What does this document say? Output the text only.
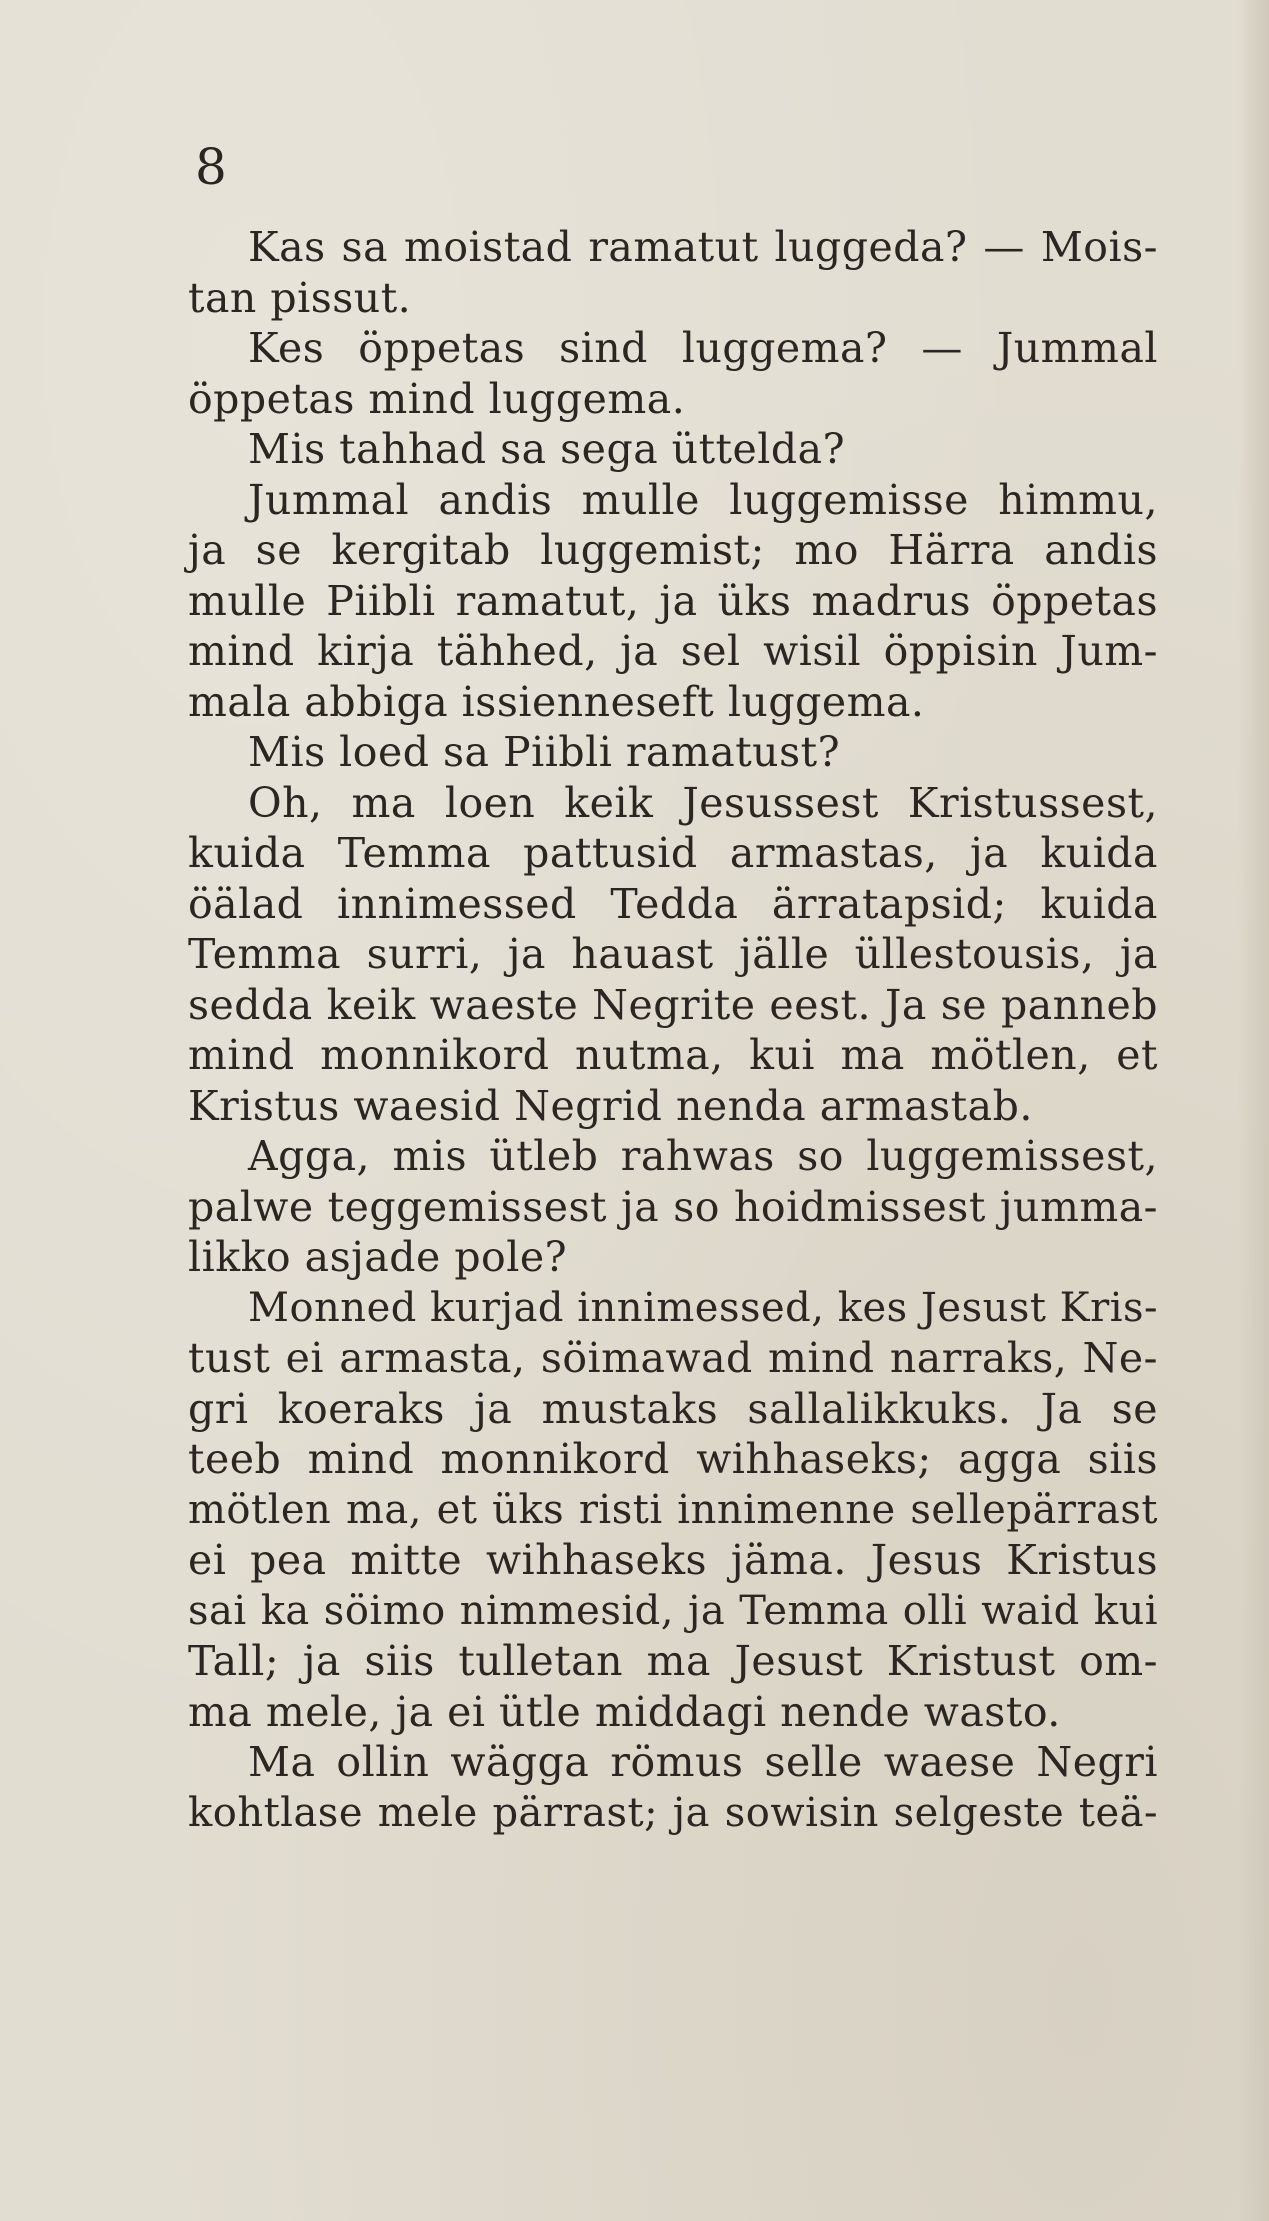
8
Kas sa moistad ramatut luggeda? — Mois-
tan pissut.
Kes öppetas sind luggema? — Jummal
öppetas mind luggema.
Mis tahhad sa sega ütteldа?
Jummal andis mulle luggemisse himmu,
ja se kergitab luggemist; mo Härra andis
mulle Piibli ramatut, ja üks madrus öppetas
mind kirja tähhed, ja sel wisil öppisin Jum-
mala abbiga issienneseft luggema.
Mis loed sa Piibli ramatust?
Oh, ma loen keik Jesussest Kristussest,
kuida Temma pattusid armastas, ja kuida
öälad innimessed Tedda ärratapsid; kuida
Temma surri, ja hauast jälle üllestousis, ja
sedda keik waeste Negrite eest. Ja se panneb
mind monnikord nutma, kui ma mötlen, et
Kristus waesid Negrid nenda armastab.
Agga, mis ütleb rahwas so luggemissest,
palwe teggemissest ja so hoidmissest jumma-
likko asjade pole?
Monned kurjad innimessed, kes Jesust Kris-
tust ei armasta, söimawad mind narraks, Ne-
gri koeraks ja mustaks sallalikkuks. Ja se
teeb mind monnikord wihhaseks; agga siis
mötlen ma, et üks risti innimenne sellepärrast
ei pea mitte wihhaseks jäma. Jesus Kristus
sai ka söimo nimmesid, ja Temma olli waid kui
Tall; ja siis tulletan ma Jesust Kristust om-
ma mele, ja ei ütle middagi nende wasto.
Ma ollin wägga römus selle waese Negri
kohtlase mele pärrast; ja sowisin selgeste teä-
